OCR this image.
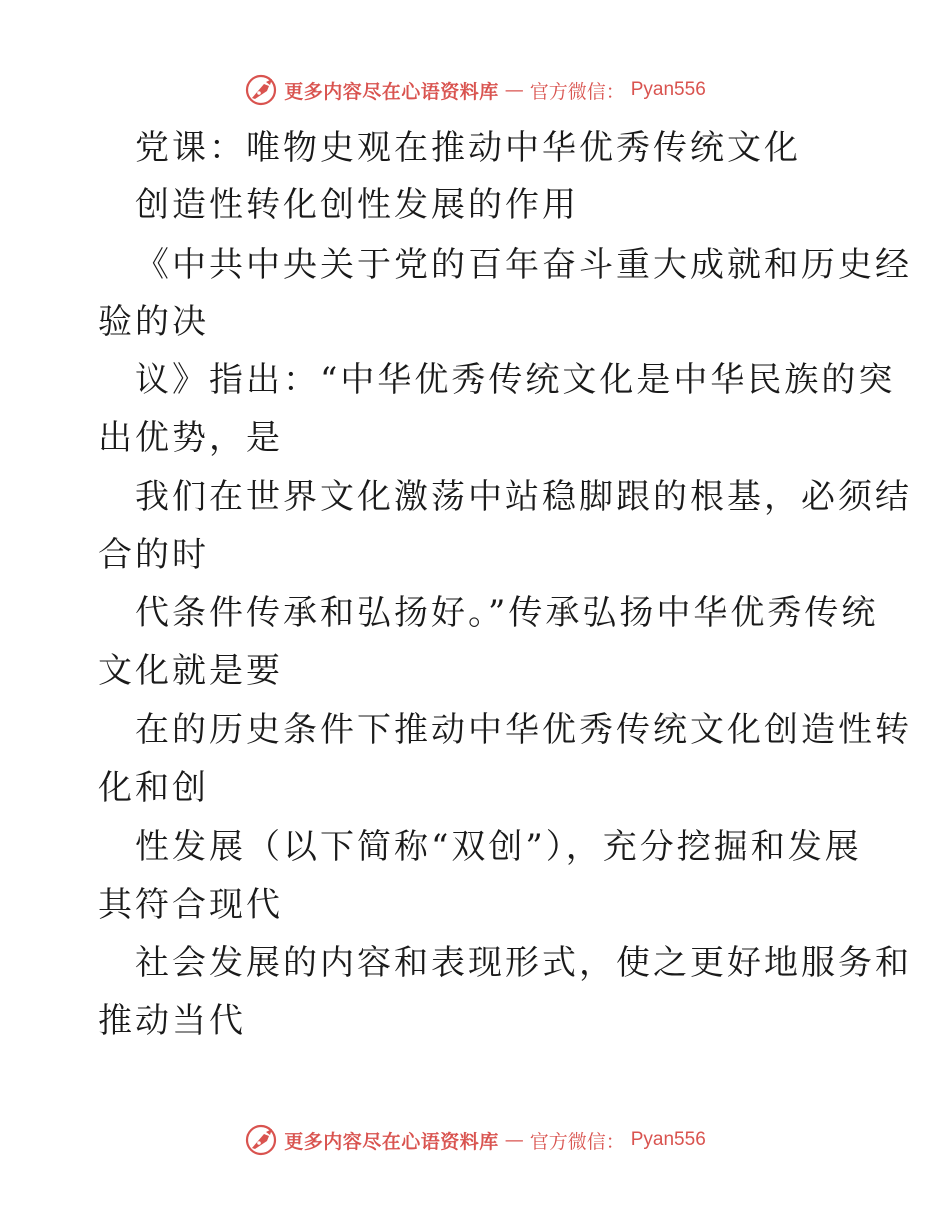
更多内容尽在心语资料库 — 官方微信： Pyan556
党课：唯物史观在推动中华优秀传统文化
创造性转化创性发展的作用
《中共中央关于党的百年奋斗重大成就和历史经
验的决
议》指出：“中华优秀传统文化是中华民族的突
出优势，是
我们在世界文化激荡中站稳脚跟的根基，必须结
合的时
代条件传承和弘扬好。”传承弘扬中华优秀传统
文化就是要
在的历史条件下推动中华优秀传统文化创造性转
化和创
性发展（以下简称“双创”），充分挖掘和发展
其符合现代
社会发展的内容和表现形式，使之更好地服务和
推动当代
更多内容尽在心语资料库 — 官方微信： Pyan556
